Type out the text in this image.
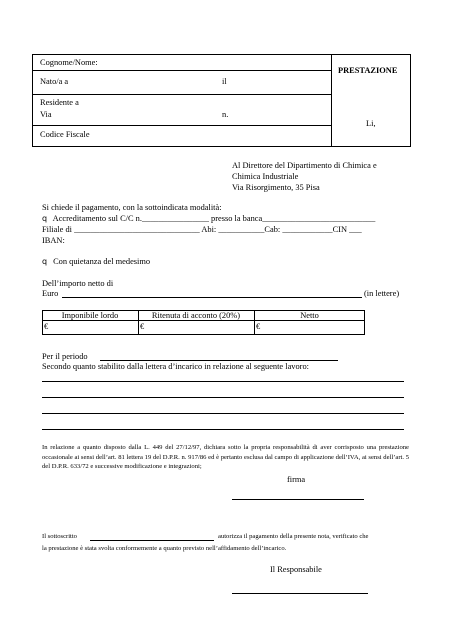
Cognome/Nome:
Nato/a a	il
Residente a
Via	n.
Codice Fiscale
PRESTAZIONE
Li,
Al Direttore del Dipartimento di Chimica e
Chimica Industriale
Via Risorgimento, 35 Pisa
Si chiede il pagamento, con la sottoindicata modalità:
q Accreditamento sul C/C n.________________ presso la banca___________________________
Filiale di ______________________________ Abi: ___________Cab: ____________CIN ___
IBAN:
q Con quietanza del medesimo
Dell’importo netto di
Euro	(in lettere)
Imponibile lordo	Ritenuta di acconto (20%)	Netto
€	€	€
Per il periodo
Secondo quanto stabilito dalla lettera d’incarico in relazione al seguente lavoro:
In relazione a quanto disposto dalla L. 449 del 27/12/97, dichiara sotto la propria responsabilità di aver corrisposto una prestazione occasionale ai sensi dell’art. 81 lettera 19 del D.P.R. n. 917/86 ed è pertanto esclusa dal campo di applicazione dell’IVA, ai sensi dell’art. 5 del D.P.R. 633/72 e successive modificazione e integrazioni;
firma
Il sottoscritto	autorizza il pagamento della presente nota, verificato che
la prestazione è stata svolta conformemente a quanto previsto nell’affidamento dell’incarico.
Il Responsabile
